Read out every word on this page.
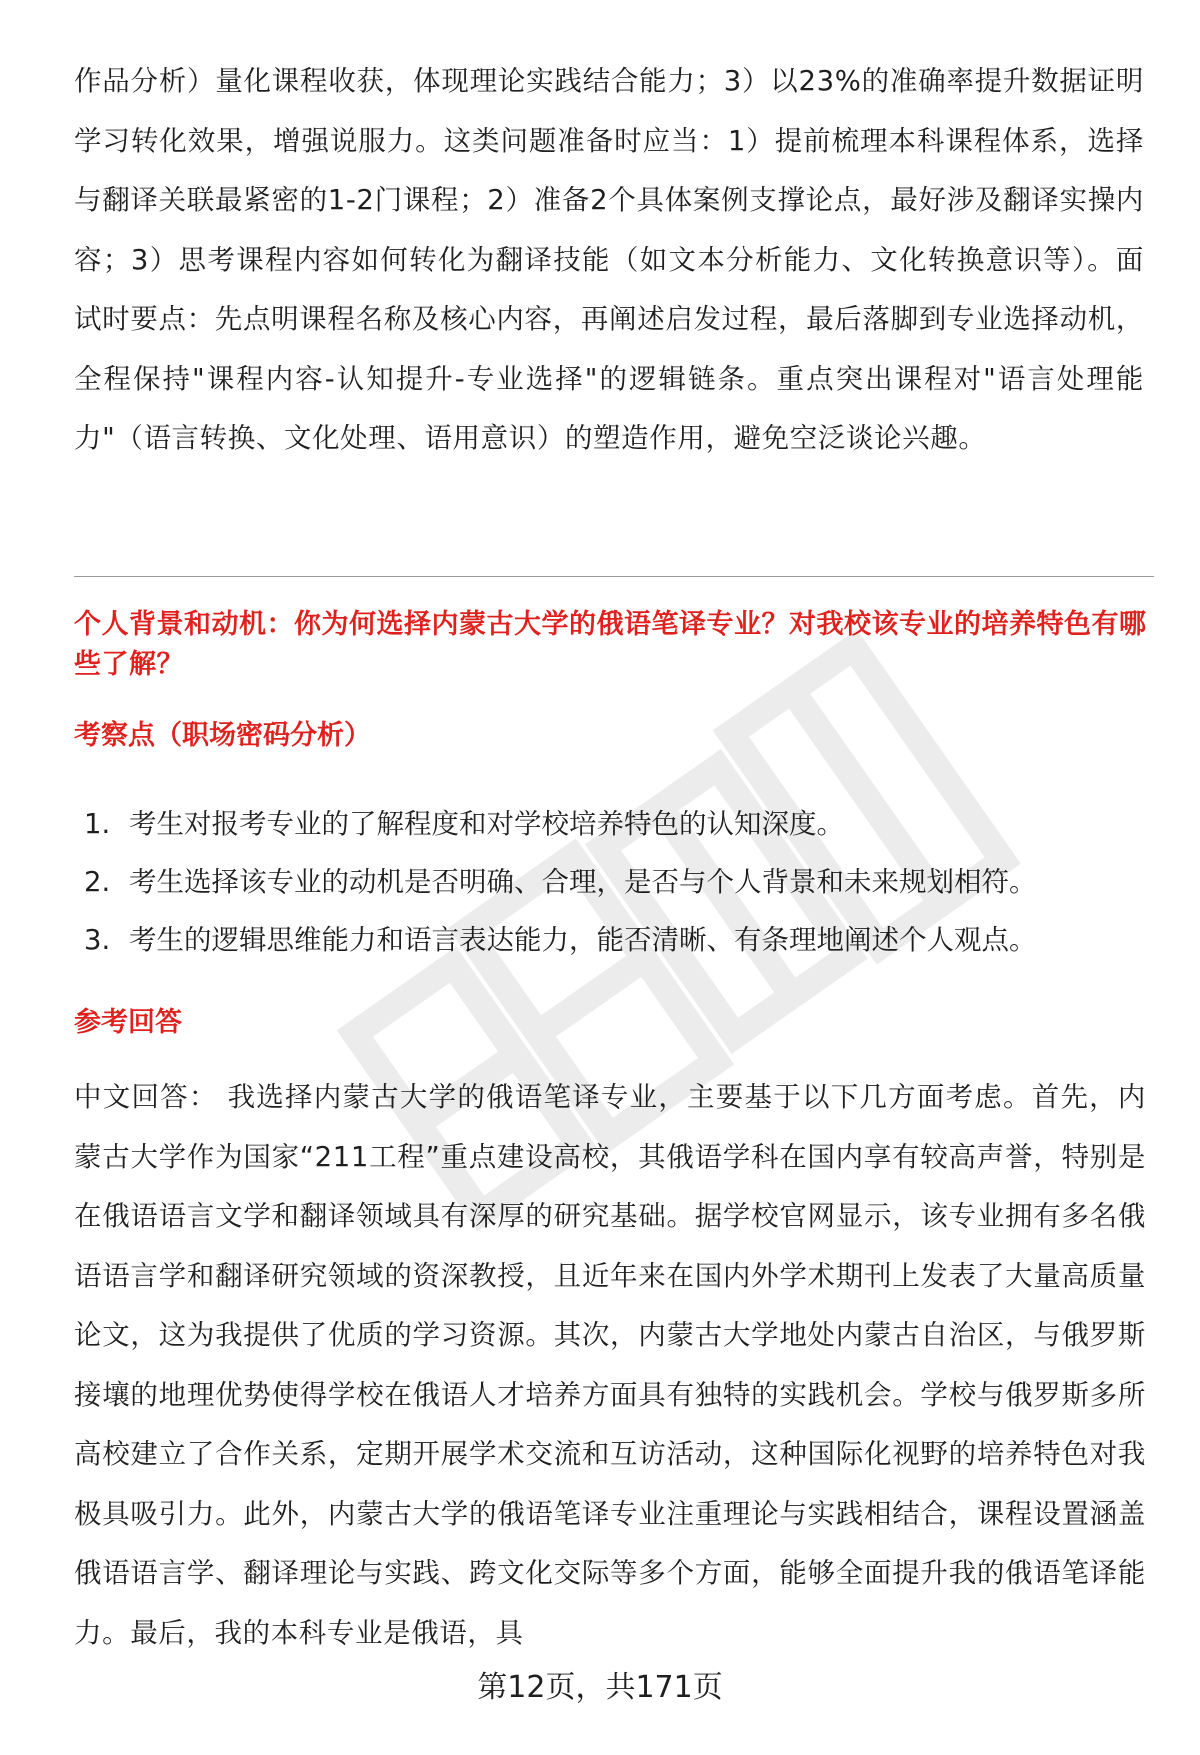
作品分析）量化课程收获，体现理论实践结合能力；3）以23%的准确率提升数据证明学习转化效果，增强说服力。这类问题准备时应当：1）提前梳理本科课程体系，选择与翻译关联最紧密的1-2门课程；2）准备2个具体案例支撑论点，最好涉及翻译实操内容；3）思考课程内容如何转化为翻译技能（如文本分析能力、文化转换意识等）。面试时要点：先点明课程名称及核心内容，再阐述启发过程，最后落脚到专业选择动机，全程保持"课程内容-认知提升-专业选择"的逻辑链条。重点突出课程对"语言处理能力"（语言转换、文化处理、语用意识）的塑造作用，避免空泛谈论兴趣。

个人背景和动机：你为何选择内蒙古大学的俄语笔译专业？对我校该专业的培养特色有哪些了解？

考察点（职场密码分析）

1. 考生对报考专业的了解程度和对学校培养特色的认知深度。
2. 考生选择该专业的动机是否明确、合理，是否与个人背景和未来规划相符。
3. 考生的逻辑思维能力和语言表达能力，能否清晰、有条理地阐述个人观点。

参考回答

中文回答： 我选择内蒙古大学的俄语笔译专业，主要基于以下几方面考虑。首先，内蒙古大学作为国家“211工程”重点建设高校，其俄语学科在国内享有较高声誉，特别是在俄语语言文学和翻译领域具有深厚的研究基础。据学校官网显示，该专业拥有多名俄语语言学和翻译研究领域的资深教授，且近年来在国内外学术期刊上发表了大量高质量论文，这为我提供了优质的学习资源。其次，内蒙古大学地处内蒙古自治区，与俄罗斯接壤的地理优势使得学校在俄语人才培养方面具有独特的实践机会。学校与俄罗斯多所高校建立了合作关系，定期开展学术交流和互访活动，这种国际化视野的培养特色对我极具吸引力。此外，内蒙古大学的俄语笔译专业注重理论与实践相结合，课程设置涵盖俄语语言学、翻译理论与实践、跨文化交际等多个方面，能够全面提升我的俄语笔译能力。最后，我的本科专业是俄语，具

第12页，共171页
